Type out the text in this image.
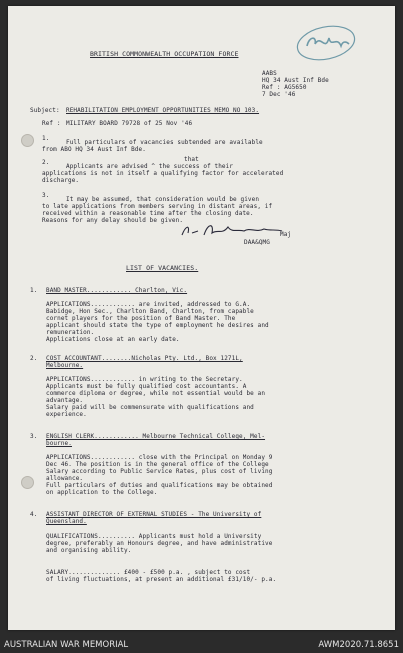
BRITISH COMMONWEALTH OCCUPATION FORCE
AABS
HQ 34 Aust Inf Bde
Ref : AG5650
7 Dec '46
Subject: REHABILITATION EMPLOYMENT OPPORTUNITIES MEMO NO 103.
Ref : MILITARY BOARD 79728 of 25 Nov '46
1.
Full particulars of vacancies subtended are available
from ABO HQ 34 Aust Inf Bde.
that
2.
Applicants are advised ^ the success of their
applications is not in itself a qualifying factor for accelerated
discharge.
3.
It may be assumed, that consideration would be given
to late applications from members serving in distant areas, if
received within a reasonable time after the closing date.
Reasons for any delay should be given.
Maj
DAA&QMG
LIST OF VACANCIES.
1. BAND MASTER............ Charlton, Vic.
APPLICATIONS............ are invited, addressed to G.A.
Babidge, Hon Sec., Charlton Band, Charlton, from capable
cornet players for the position of Band Master. The
applicant should state the type of employment he desires and
remuneration.
Applications close at an early date.
2. COST ACCOUNTANT........Nicholas Pty. Ltd., Box 1271L,
Melbourne.
APPLICATIONS............ in writing to the Secretary.
Applicants must be fully qualified cost accountants. A
commerce diploma or degree, while not essential would be an
advantage.
Salary paid will be commensurate with qualifications and
experience.
3. ENGLISH CLERK............ Melbourne Technical College, Mel-
bourne.
APPLICATIONS............ close with the Principal on Monday 9
Dec 46. The position is in the general office of the College
Salary according to Public Service Rates, plus cost of living
allowance.
Full particulars of duties and qualifications may be obtained
on application to the College.
4. ASSISTANT DIRECTOR OF EXTERNAL STUDIES - The University of
Queensland.
QUALIFICATIONS.......... Applicants must hold a University
degree, preferably an Honours degree, and have administrative
and organising ability.
SALARY.............. £400 - £500 p.a. , subject to cost
of living fluctuations, at present an additional £31/10/- p.a.
AUSTRALIAN WAR MEMORIAL	AWM2020.71.8651
